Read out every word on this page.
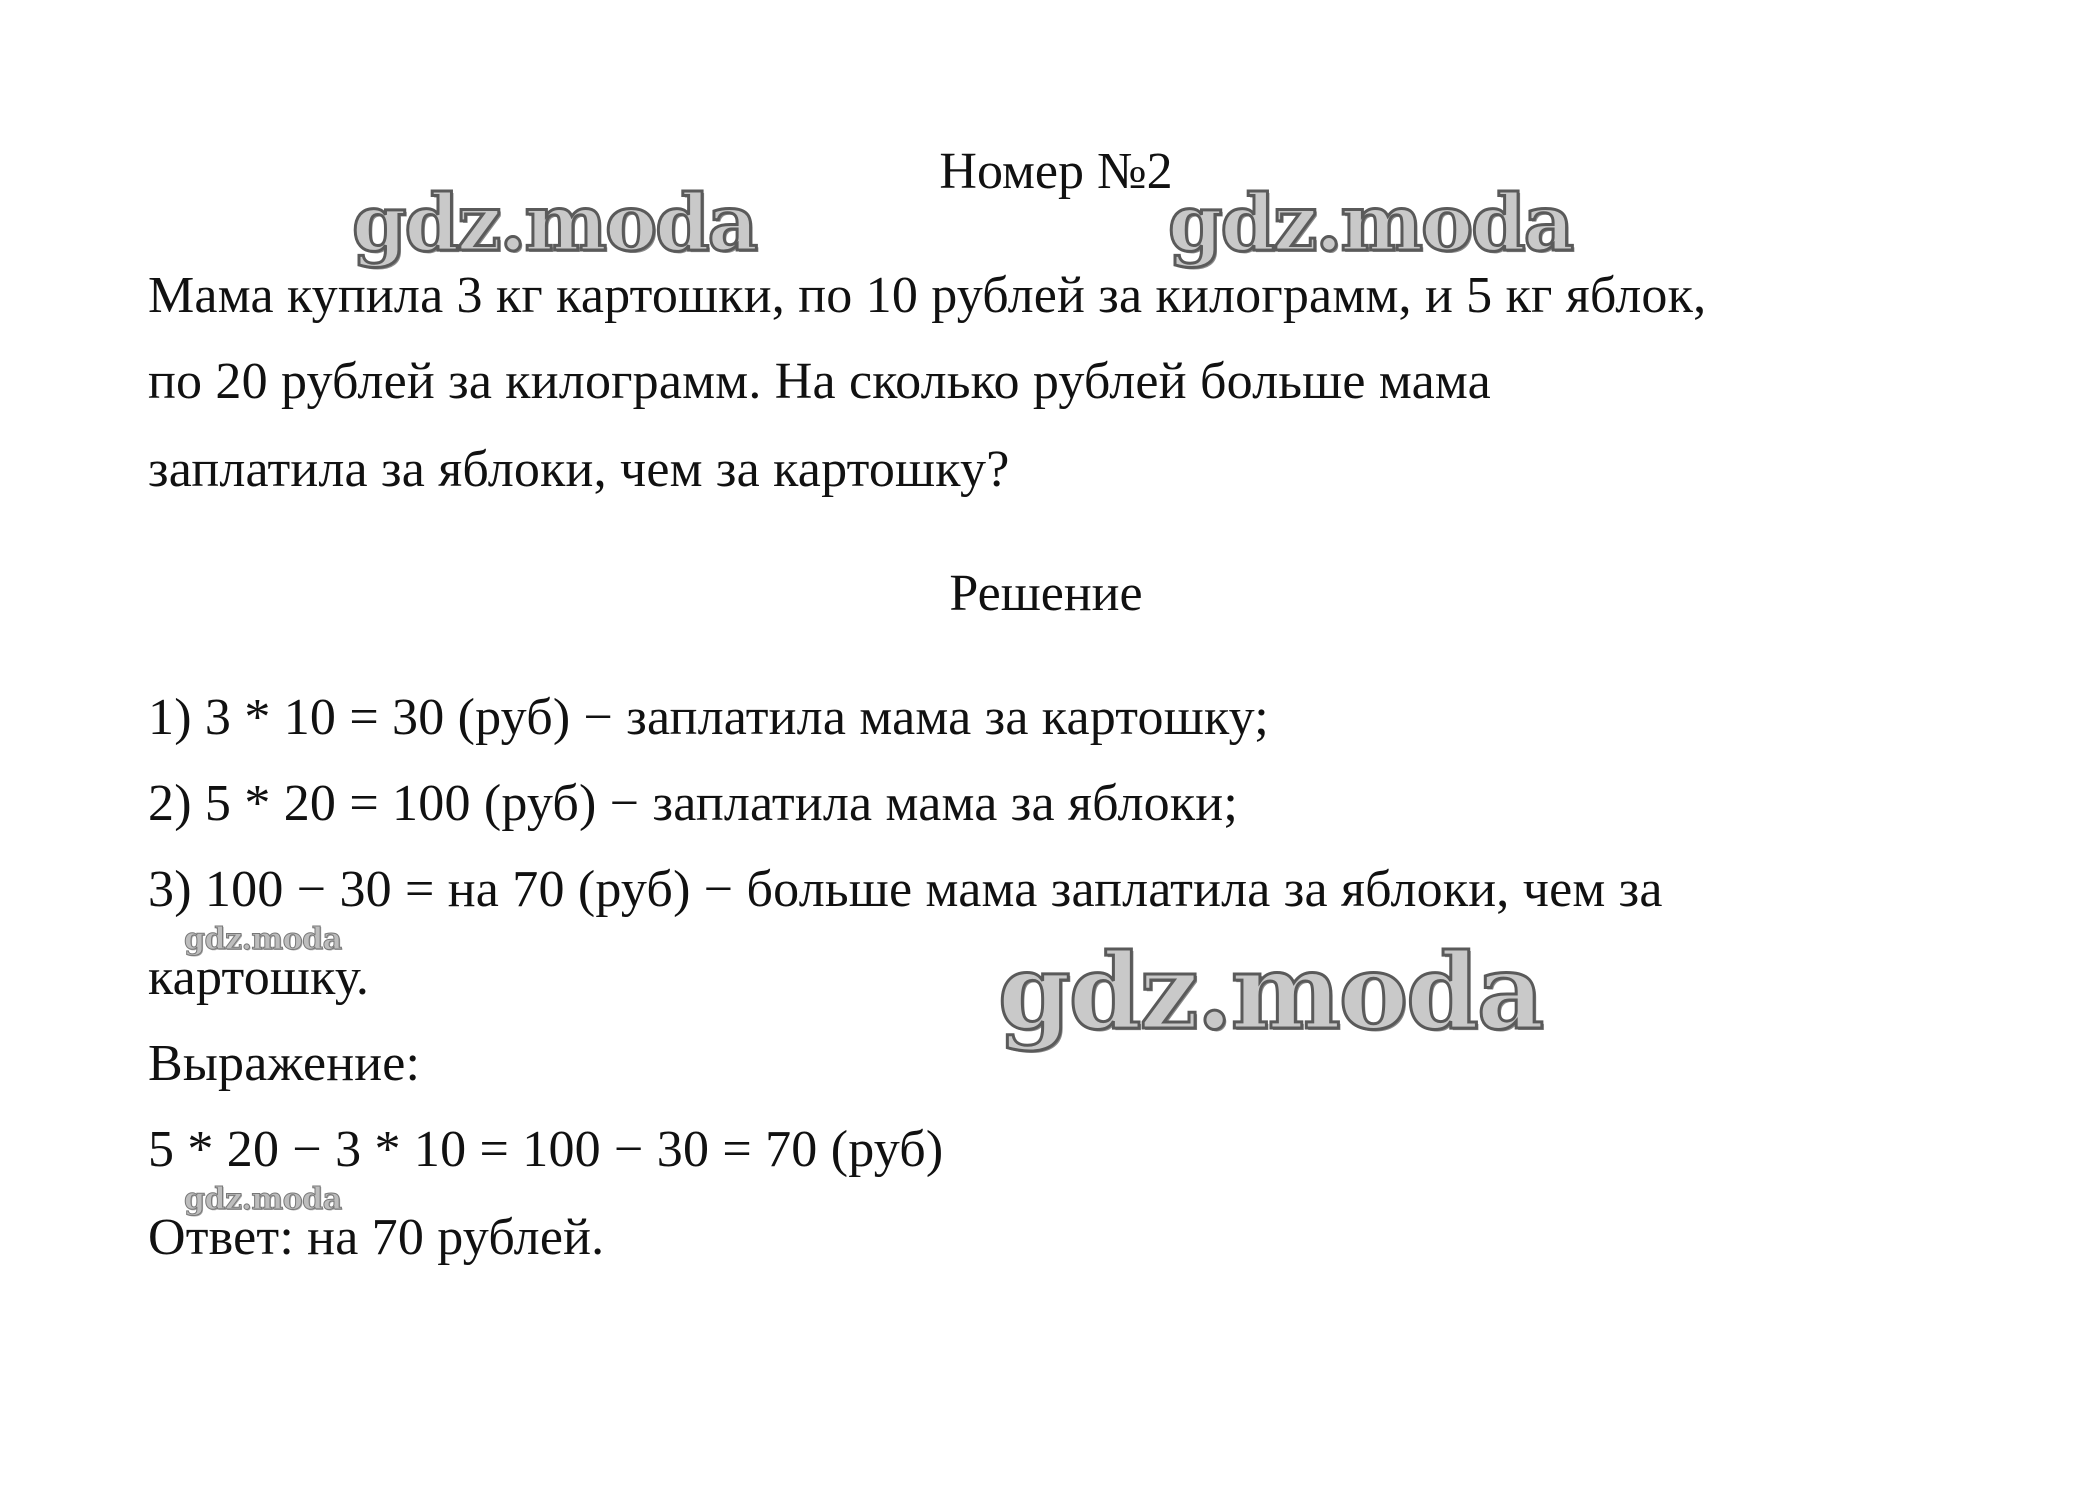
gdz.moda	gdz.moda
gdz.moda
gdz.moda
gdz.moda
Номер №2
Мама купила 3 кг картошки, по 10 рублей за килограмм, и 5 кг яблок,
по 20 рублей за килограмм. На сколько рублей больше мама
заплатила за яблоки, чем за картошку?
Решение
1) 3 * 10 = 30 (руб) − заплатила мама за картошку;
2) 5 * 20 = 100 (руб) − заплатила мама за яблоки;
3) 100 − 30 = на 70 (руб) − больше мама заплатила за яблоки, чем за
картошку.
Выражение:
5 * 20 − 3 * 10 = 100 − 30 = 70 (руб)
Ответ: на 70 рублей.
